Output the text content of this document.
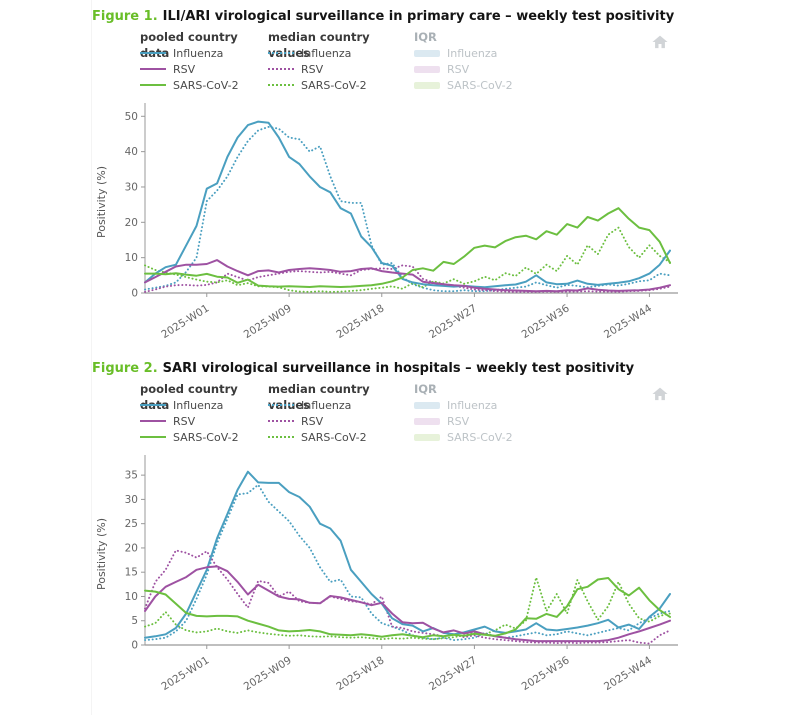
Figure 1. ILI/ARI virological surveillance in primary care – weekly test positivity
pooled country data Influenza
RSV
SARS-CoV-2
median country values
Influenza
RSV
SARS-CoV-2
IQR
Influenza
RSV
SARS-CoV-2
0
10
20
30
40
50
2025-W01	2025-W09	2025-W18	2025-W27	2025-W36	2025-W44
Positivity (%)
Figure 2. SARI virological surveillance in hospitals – weekly test positivity
pooled country data Influenza
RSV
SARS-CoV-2
median country values
Influenza
RSV
SARS-CoV-2
IQR
Influenza
RSV
SARS-CoV-2
0
5
10
15
20
25
30
35
2025-W01	2025-W09	2025-W18	2025-W27	2025-W36	2025-W44
Positivity (%)
